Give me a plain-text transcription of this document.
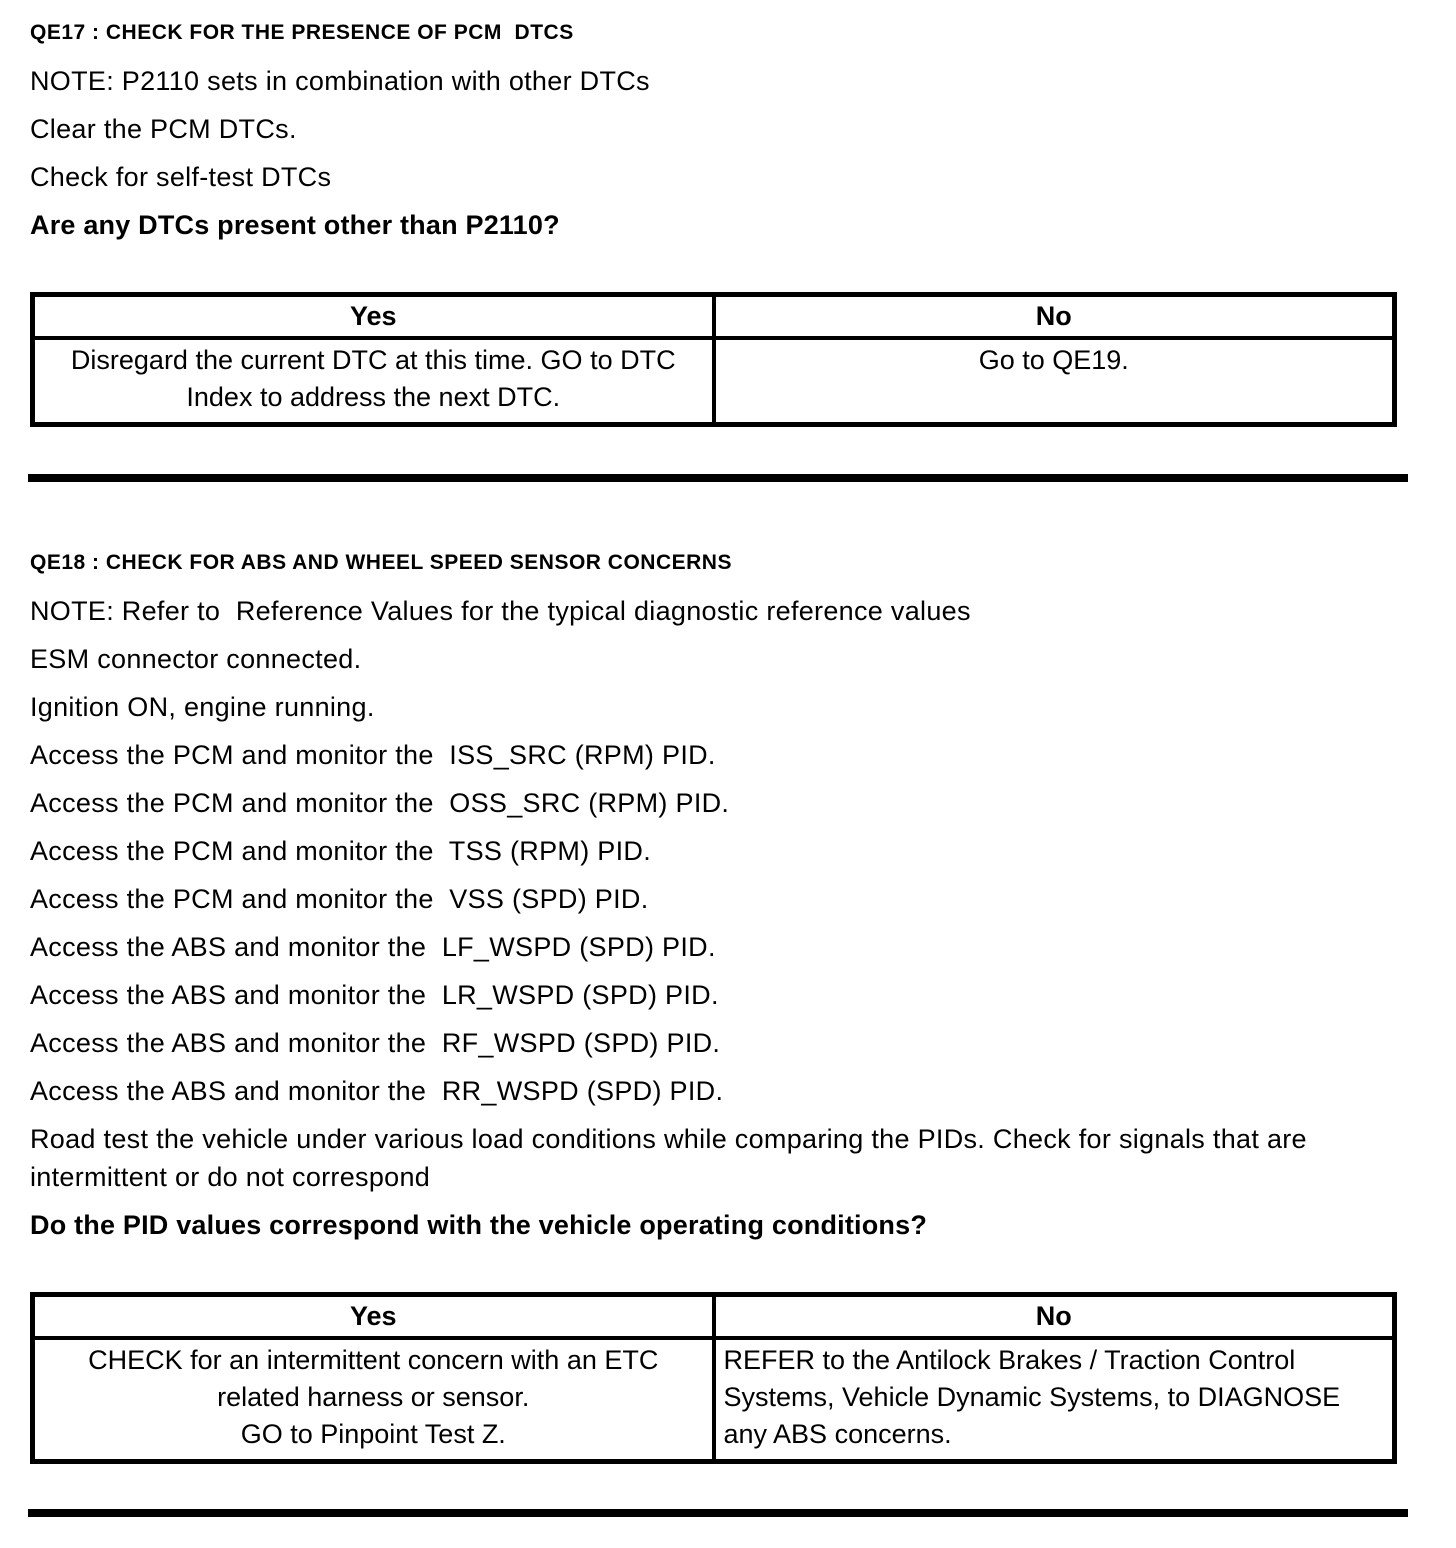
QE17 : CHECK FOR THE PRESENCE OF PCM  DTCS

NOTE: P2110 sets in combination with other DTCs

Clear the PCM DTCs.

Check for self-test DTCs

Are any DTCs present other than P2110?

Yes	No
Disregard the current DTC at this time. GO to DTC Index to address the next DTC.	Go to QE19.
QE18 : CHECK FOR ABS AND WHEEL SPEED SENSOR CONCERNS

NOTE: Refer to  Reference Values for the typical diagnostic reference values

ESM connector connected.

Ignition ON, engine running.

Access the PCM and monitor the  ISS_SRC (RPM) PID.

Access the PCM and monitor the  OSS_SRC (RPM) PID.

Access the PCM and monitor the  TSS (RPM) PID.

Access the PCM and monitor the  VSS (SPD) PID.

Access the ABS and monitor the  LF_WSPD (SPD) PID.

Access the ABS and monitor the  LR_WSPD (SPD) PID.

Access the ABS and monitor the  RF_WSPD (SPD) PID.

Access the ABS and monitor the  RR_WSPD (SPD) PID.

Road test the vehicle under various load conditions while comparing the PIDs. Check for signals that are intermittent or do not correspond

Do the PID values correspond with the vehicle operating conditions?

Yes	No

CHECK for an intermittent concern with an ETC related harness or sensor.
GO to Pinpoint Test Z.	REFER to the Antilock Brakes / Traction Control Systems, Vehicle Dynamic Systems, to DIAGNOSE any ABS concerns.
